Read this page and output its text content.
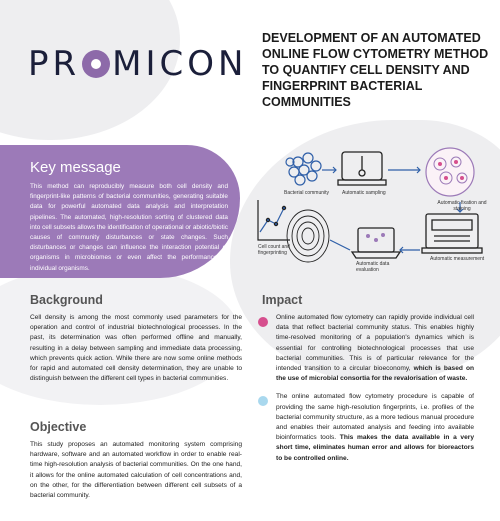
PR MICON
DEVELOPMENT OF AN AUTOMATED ONLINE FLOW CYTOMETRY METHOD TO QUANTIFY CELL DENSITY AND FINGERPRINT BACTERIAL COMMUNITIES
Key message

This method can reproducibly measure both cell density and fingerprint-like patterns of bacterial communities, generating suitable data for powerful automated data analysis and interpretation pipelines. The automated, high-resolution sorting of clustered data into cell subsets allows the identification of operational or abiotic/biotic causes of community disturbances or state changes. Such disturbances or changes can influence the interaction potential of organisms in microbiomes or even affect the performance of individual organisms.

Bacterial community	Automatic sampling
Automatic fixation and staining
Automatic measurement
Automatic data evaluation
Cell count and fingerprinting
Background

Cell density is among the most commonly used parameters for the operation and control of industrial biotechnological processes. In the past, its determination was often performed offline and manually, resulting in a delay between sampling and immediate data processing, which prevents quick action. While there are now some online methods for rapid and automated cell density determination, they are unable to distinguish between the different cell types in bacterial communities.

Objective

This study proposes an automated monitoring system comprising hardware, software and an automated workflow in order to enable real-time high-resolution analysis of bacterial communities. On the one hand, it allows for the online automated calculation of cell concentrations and, on the other, for the differentiation between different cell subsets of a bacterial community.

Impact

Online automated flow cytometry can rapidly provide individual cell data that reflect bacterial community status. This enables highly time-resolved monitoring of a population's dynamics which is essential for controlling biotechnological processes that use bacterial communities. This is of particular relevance for the intended transition to a circular bioeconomy, which is based on the use of microbial consortia for the revalorisation of waste.

The online automated flow cytometry procedure is capable of providing the same high-resolution fingerprints, i.e. profiles of the bacterial community structure, as a more tedious manual procedure and enables their automated analysis and feeding into available bioinformatics tools. This makes the data available in a very short time, eliminates human error and allows for bioreactors to be controlled online.
